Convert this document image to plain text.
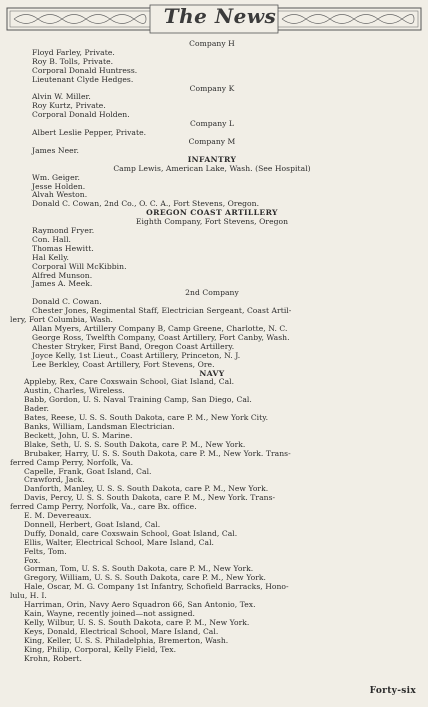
The News
Company H
Floyd Farley, Private.
Roy B. Tolls, Private.
Corporal Donald Huntress.
Lieutenant Clyde Hedges.
Company K
Alvin W. Miller.
Roy Kurtz, Private.
Corporal Donald Holden.
Company L
Albert Leslie Pepper, Private.
Company M
James Neer.
INFANTRY
Camp Lewis, American Lake, Wash. (See Hospital)
Wm. Geiger.
Jesse Holden.
Alvah Weston.
Donald C. Cowan, 2nd Co., O. C. A., Fort Stevens, Oregon.
OREGON COAST ARTILLERY
Eighth Company, Fort Stevens, Oregon
Raymond Fryer.
Con. Hall.
Thomas Hewitt.
Hal Kelly.
Corporal Will McKibbin.
Alfred Munson.
James A. Meek.
2nd Company
Donald C. Cowan.
Chester Jones, Regimental Staff, Electrician Sergeant, Coast Artil-
lery, Fort Columbia, Wash.
Allan Myers, Artillery Company B, Camp Greene, Charlotte, N. C.
George Ross, Twelfth Company, Coast Artillery, Fort Canby, Wash.
Chester Stryker, First Band, Oregon Coast Artillery.
Joyce Kelly, 1st Lieut., Coast Artillery, Princeton, N. J.
Lee Berkley, Coast Artillery, Fort Stevens, Ore.
NAVY
Appleby, Rex, Care Coxswain School, Giat Island, Cal.
Austin, Charles, Wireless.
Babb, Gordon, U. S. Naval Training Camp, San Diego, Cal.
Bader.
Bates, Reese, U. S. S. South Dakota, care P. M., New York City.
Banks, William, Landsman Electrician.
Beckett, John, U. S. Marine.
Blake, Seth, U. S. S. South Dakota, care P. M., New York.
Brubaker, Harry, U. S. S. South Dakota, care P. M., New York. Trans-
ferred Camp Perry, Norfolk, Va.
Capelle, Frank, Goat Island, Cal.
Crawford, Jack.
Danforth, Manley, U. S. S. South Dakota, care P. M., New York.
Davis, Percy, U. S. S. South Dakota, care P. M., New York. Trans-
ferred Camp Perry, Norfolk, Va., care Bx. office.
E. M. Devereaux.
Donnell, Herbert, Goat Island, Cal.
Duffy, Donald, care Coxswain School, Goat Island, Cal.
Ellis, Walter, Electrical School, Mare Island, Cal.
Felts, Tom.
Fox.
Gorman, Tom, U. S. S. South Dakota, care P. M., New York.
Gregory, William, U. S. S. South Dakota, care P. M., New York.
Hale, Oscar, M. G. Company 1st Infantry, Schofield Barracks, Hono-
lulu, H. I.
Harriman, Orin, Navy Aero Squadron 66, San Antonio, Tex.
Kain, Wayne, recently joined—not assigned.
Kelly, Wilbur, U. S. S. South Dakota, care P. M., New York.
Keys, Donald, Electrical School, Mare Island, Cal.
King, Keller, U. S. S. Philadelphia, Bremerton, Wash.
King, Philip, Corporal, Kelly Field, Tex.
Krohn, Robert.
Forty-six
